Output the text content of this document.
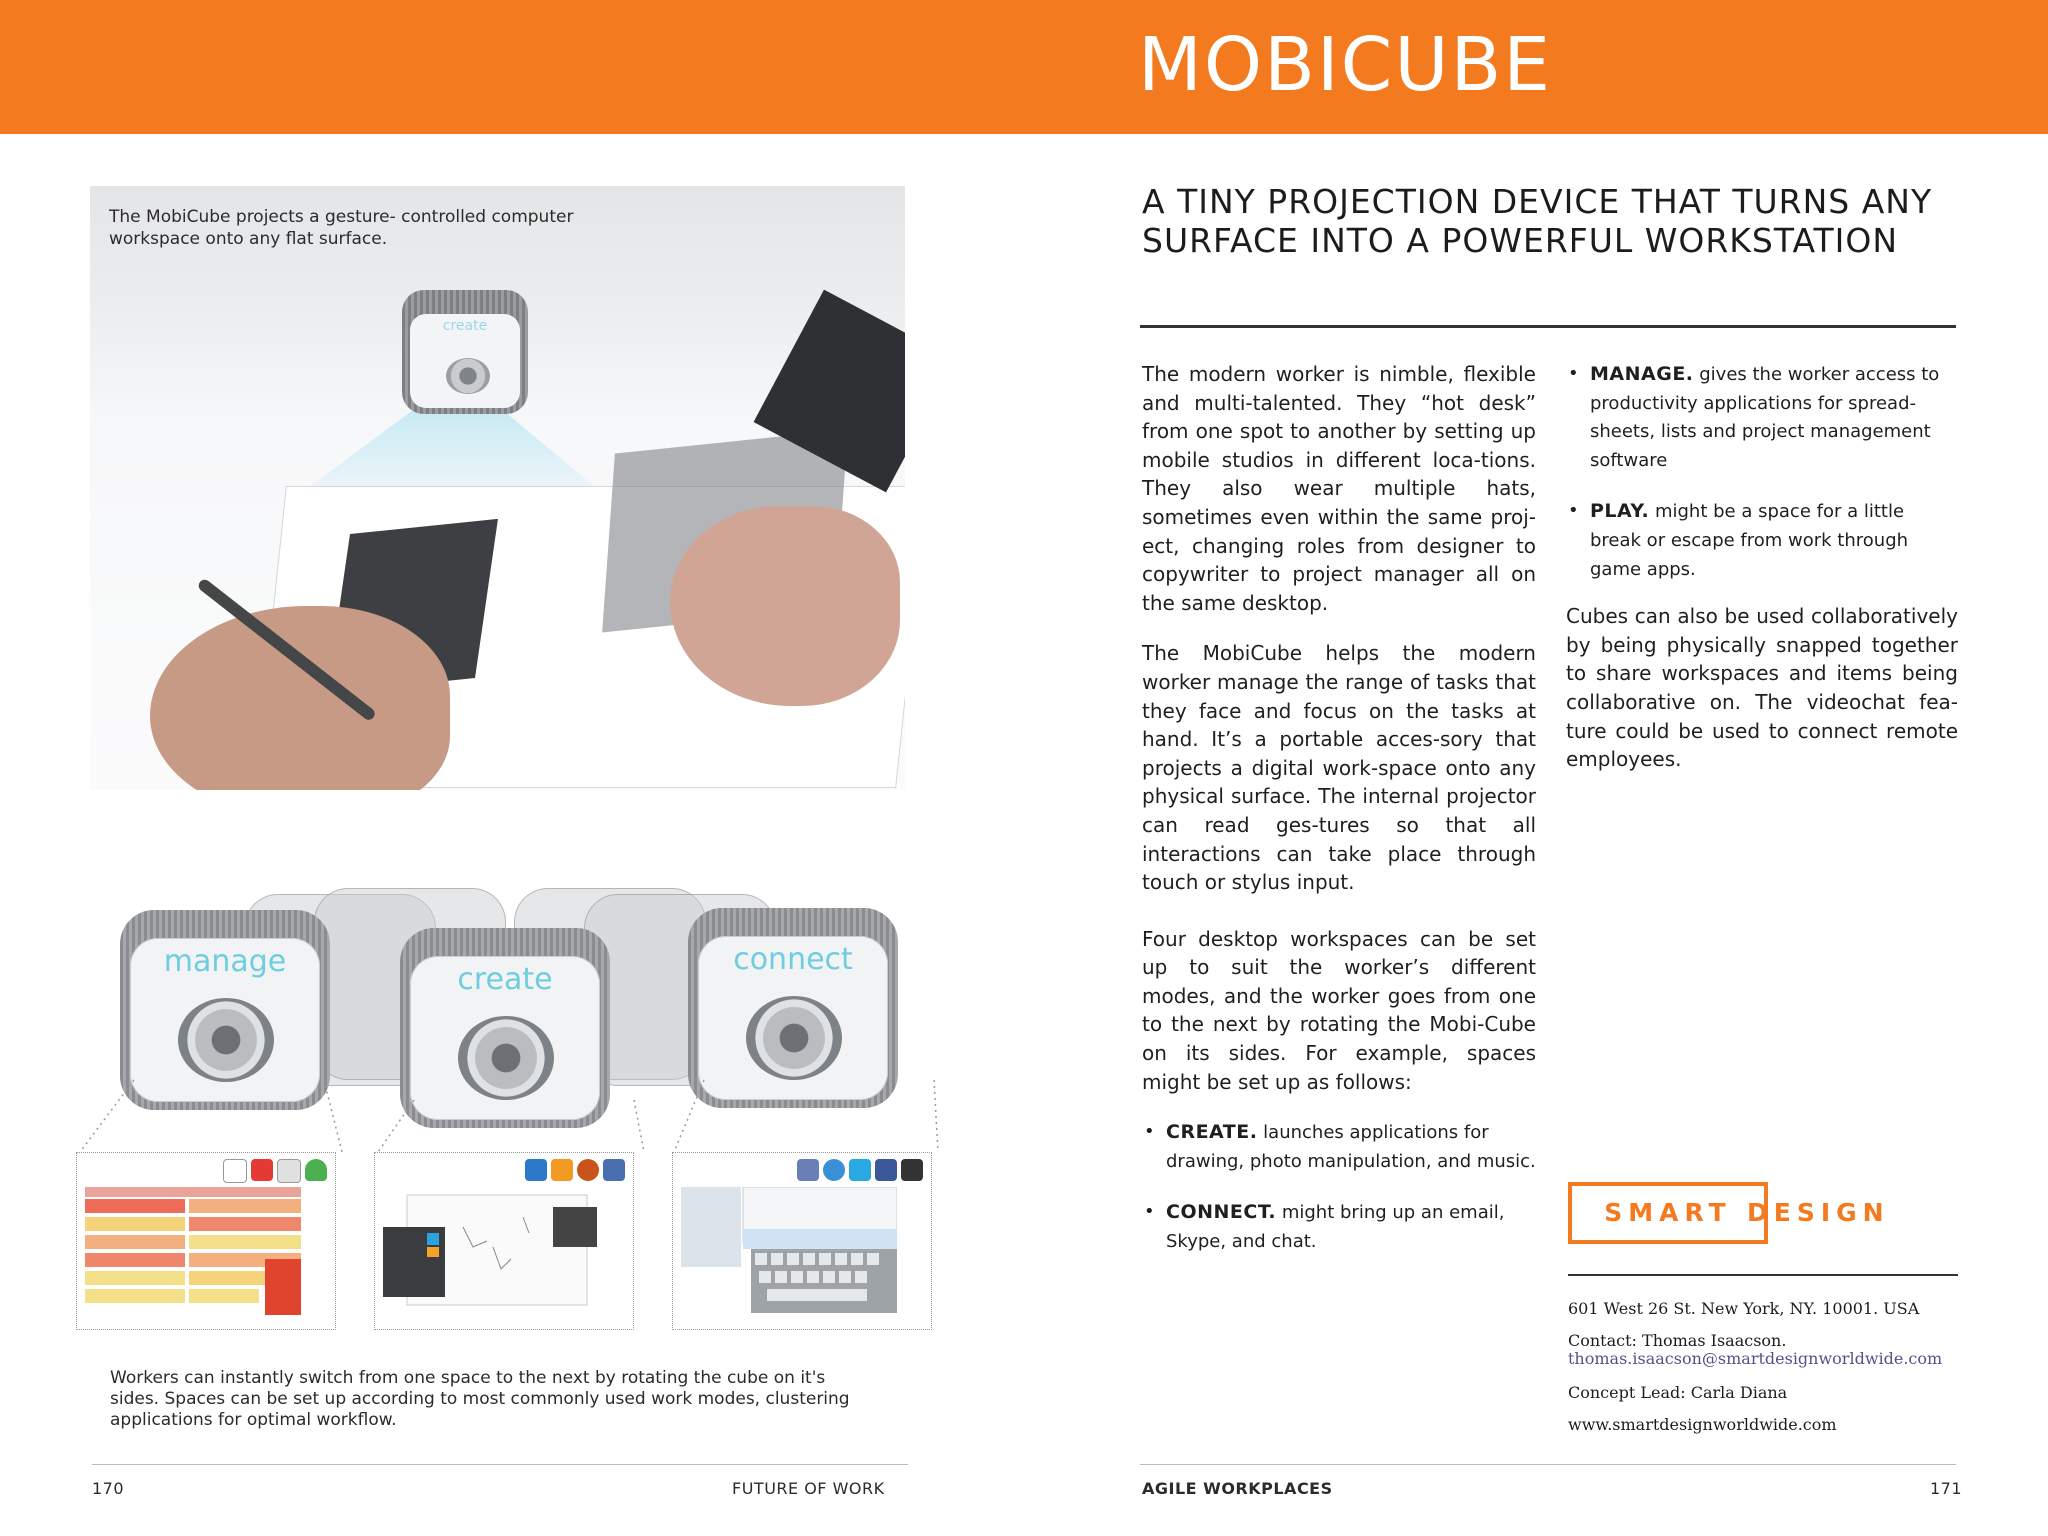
MOBICUBE
create
The MobiCube projects a gesture- controlled computer workspace onto any flat surface.
manage
create
connect
Workers can instantly switch from one space to the next by rotating the cube on it's sides. Spaces can be set up according to most commonly used work modes, clustering applications for optimal workflow.
170	FUTURE OF WORK
A TINY PROJECTION DEVICE THAT TURNS ANY SURFACE INTO A POWERFUL WORKSTATION

The modern worker is nimble, flexible and multi-talented. They “hot desk” from one spot to another by setting up mobile studios in different loca-tions. They also wear multiple hats, sometimes even within the same proj-ect, changing roles from designer to copywriter to project manager all on the same desktop.

The MobiCube helps the modern worker manage the range of tasks that they face and focus on the tasks at hand. It’s a portable acces-sory that projects a digital work-space onto any physical surface. The internal projector can read ges-tures so that all interactions can take place through touch or stylus input.

Four desktop workspaces can be set up to suit the worker’s different modes, and the worker goes from one to the next by rotating the Mobi-Cube on its sides. For example, spaces might be set up as follows:

• CREATE. launches applications for drawing, photo manipulation, and music.
• CONNECT. might bring up an email, Skype, and chat.
• MANAGE. gives the worker access to productivity applications for spread-sheets, lists and project management software
• PLAY. might be a space for a little break or escape from work through game apps.

Cubes can also be used collaboratively by being physically snapped together to share workspaces and items being collaborative on. The videochat fea-ture could be used to connect remote employees.

SMART DESIGN
601 West 26 St. New York, NY. 10001. USA
Contact: Thomas Isaacson.
thomas.isaacson@smartdesignworldwide.com
Concept Lead: Carla Diana
www.smartdesignworldwide.com
AGILE WORKPLACES	171
